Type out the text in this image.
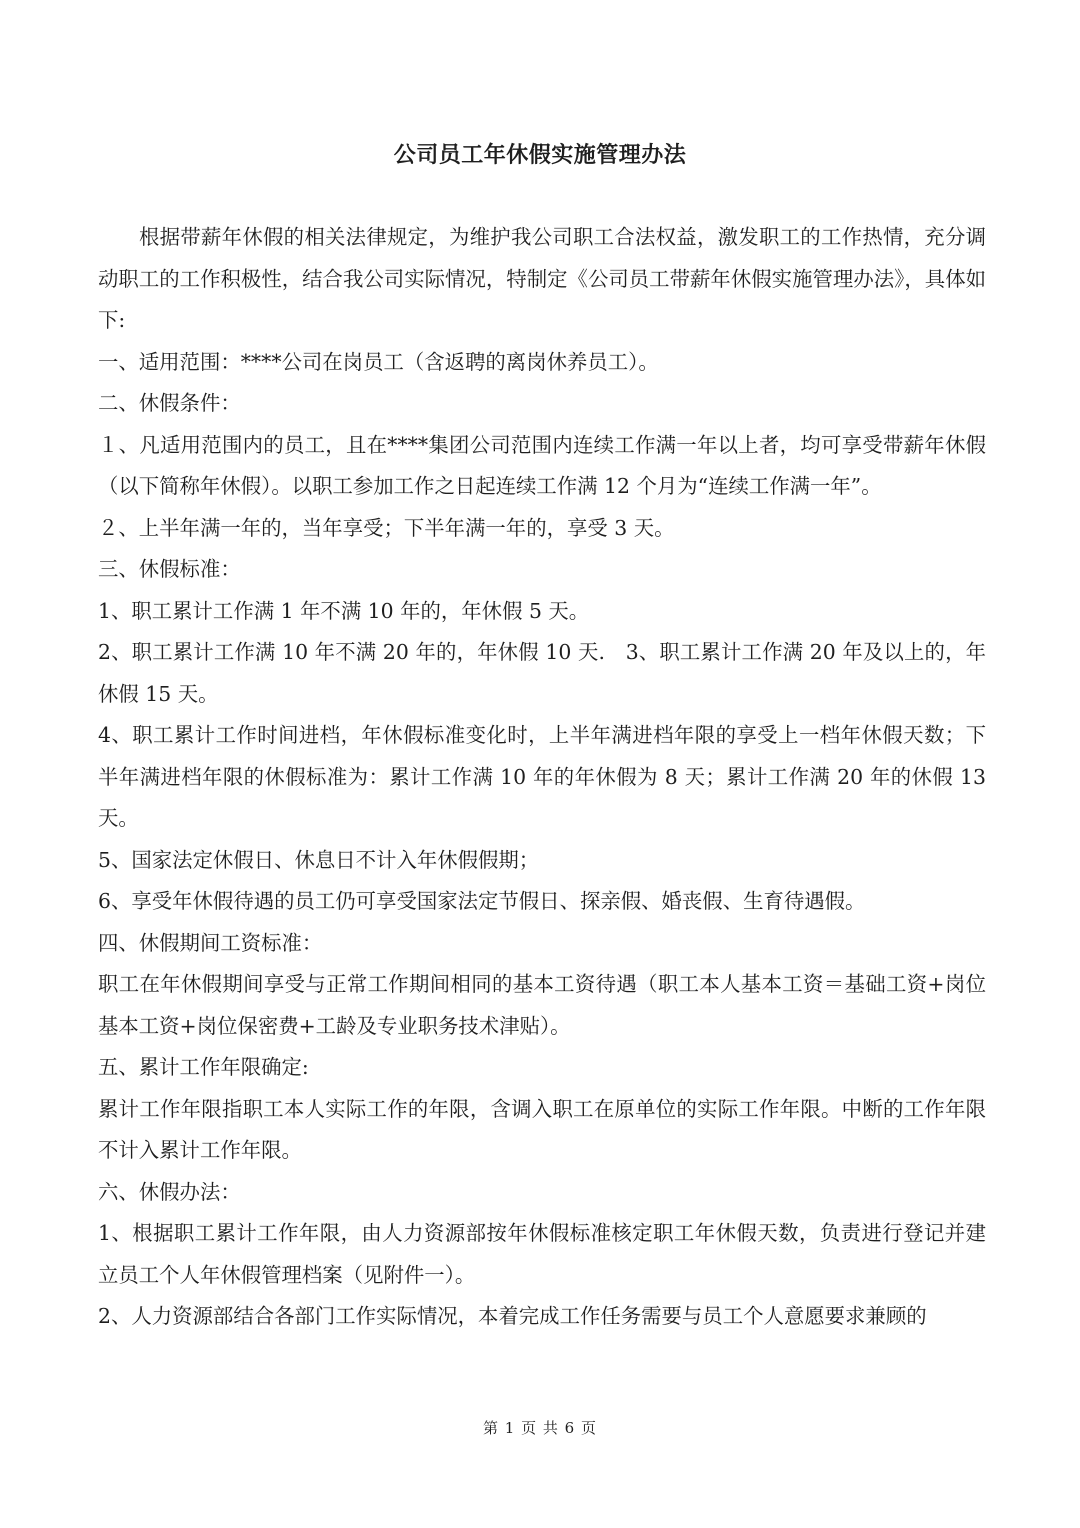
公司员工年休假实施管理办法

根据带薪年休假的相关法律规定，为维护我公司职工合法权益，激发职工的工作热情，充分调动职工的工作积极性，结合我公司实际情况，特制定《公司员工带薪年休假实施管理办法》，具体如下:

一、适用范围：****公司在岗员工（含返聘的离岗休养员工）。

二、休假条件：

１、凡适用范围内的员工，且在****集团公司范围内连续工作满一年以上者，均可享受带薪年休假（以下简称年休假）。以职工参加工作之日起连续工作满 12 个月为“连续工作满一年”。

２、上半年满一年的，当年享受；下半年满一年的，享受 3 天。

三、休假标准：

1、职工累计工作满 1 年不满 10 年的，年休假 5 天。

2、职工累计工作满 10 年不满 20 年的，年休假 10 天.　3、职工累计工作满 20 年及以上的，年休假 15 天。

4、职工累计工作时间进档，年休假标准变化时，上半年满进档年限的享受上一档年休假天数；下半年满进档年限的休假标准为：累计工作满 10 年的年休假为 8 天；累计工作满 20 年的休假 13 天。

5、国家法定休假日、休息日不计入年休假假期；

6、享受年休假待遇的员工仍可享受国家法定节假日、探亲假、婚丧假、生育待遇假。

四、休假期间工资标准：

职工在年休假期间享受与正常工作期间相同的基本工资待遇（职工本人基本工资＝基础工资+岗位基本工资+岗位保密费+工龄及专业职务技术津贴）。

五、累计工作年限确定:

累计工作年限指职工本人实际工作的年限，含调入职工在原单位的实际工作年限。中断的工作年限不计入累计工作年限。

六、休假办法：

1、根据职工累计工作年限，由人力资源部按年休假标准核定职工年休假天数，负责进行登记并建立员工个人年休假管理档案（见附件一）。

2、人力资源部结合各部门工作实际情况，本着完成工作任务需要与员工个人意愿要求兼顾的

第 1 页 共 6 页
